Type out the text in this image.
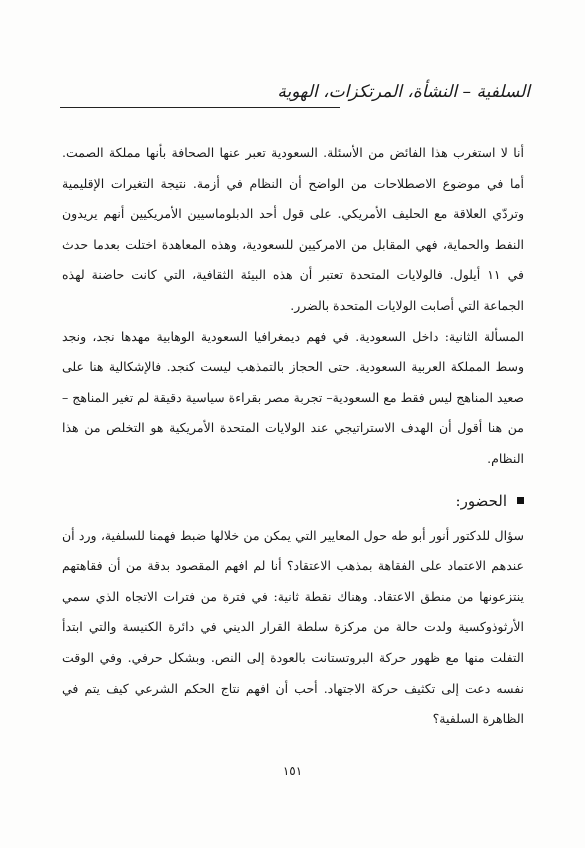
السلفية – النشأة، المرتكزات، الهوية

أنا لا استغرب هذا الفائض من الأسئلة. السعودية تعبر عنها الصحافة بأنها مملكة الصمت. أما في موضوع الاصطلاحات من الواضح أن النظام في أزمة. نتيجة التغيرات الإقليمية وتردّي العلاقة مع الحليف الأمريكي. على قول أحد الدبلوماسيين الأمريكيين أنهم يريدون النفط والحماية، فهي المقابل من الامركيين للسعودية، وهذه المعاهدة اختلت بعدما حدث في ١١ أيلول. فالولايات المتحدة تعتبر أن هذه البيئة الثقافية، التي كانت حاضنة لهذه الجماعة التي أصابت الولايات المتحدة بالضرر.

المسألة الثانية: داخل السعودية. في فهم ديمغرافيا السعودية الوهابية مهدها نجد، ونجد وسط المملكة العربية السعودية. حتى الحجاز بالتمذهب ليست كنجد. فالإشكالية هنا على صعيد المناهج ليس فقط مع السعودية– تجربة مصر بقراءة سياسية دقيقة لم تغير المناهج – من هنا أقول أن الهدف الاستراتيجي عند الولايات المتحدة الأمريكية هو التخلص من هذا النظام.

الحضور:

سؤال للدكتور أنور أبو طه حول المعايير التي يمكن من خلالها ضبط فهمنا للسلفية، ورد أن عندهم الاعتماد على الفقاهة بمذهب الاعتقاد؟ أنا لم افهم المقصود بدقة من أن فقاهتهم ينتزعونها من منطق الاعتقاد. وهناك نقطة ثانية: في فترة من فترات الاتجاه الذي سمي الأرثوذوكسية ولدت حالة من مركزة سلطة القرار الديني في دائرة الكنيسة والتي ابتدأ التفلت منها مع ظهور حركة البروتستانت بالعودة إلى النص. وبشكل حرفي. وفي الوقت نفسه دعت إلى تكثيف حركة الاجتهاد. أحب أن افهم نتاج الحكم الشرعي كيف يتم في الظاهرة السلفية؟

١٥١
